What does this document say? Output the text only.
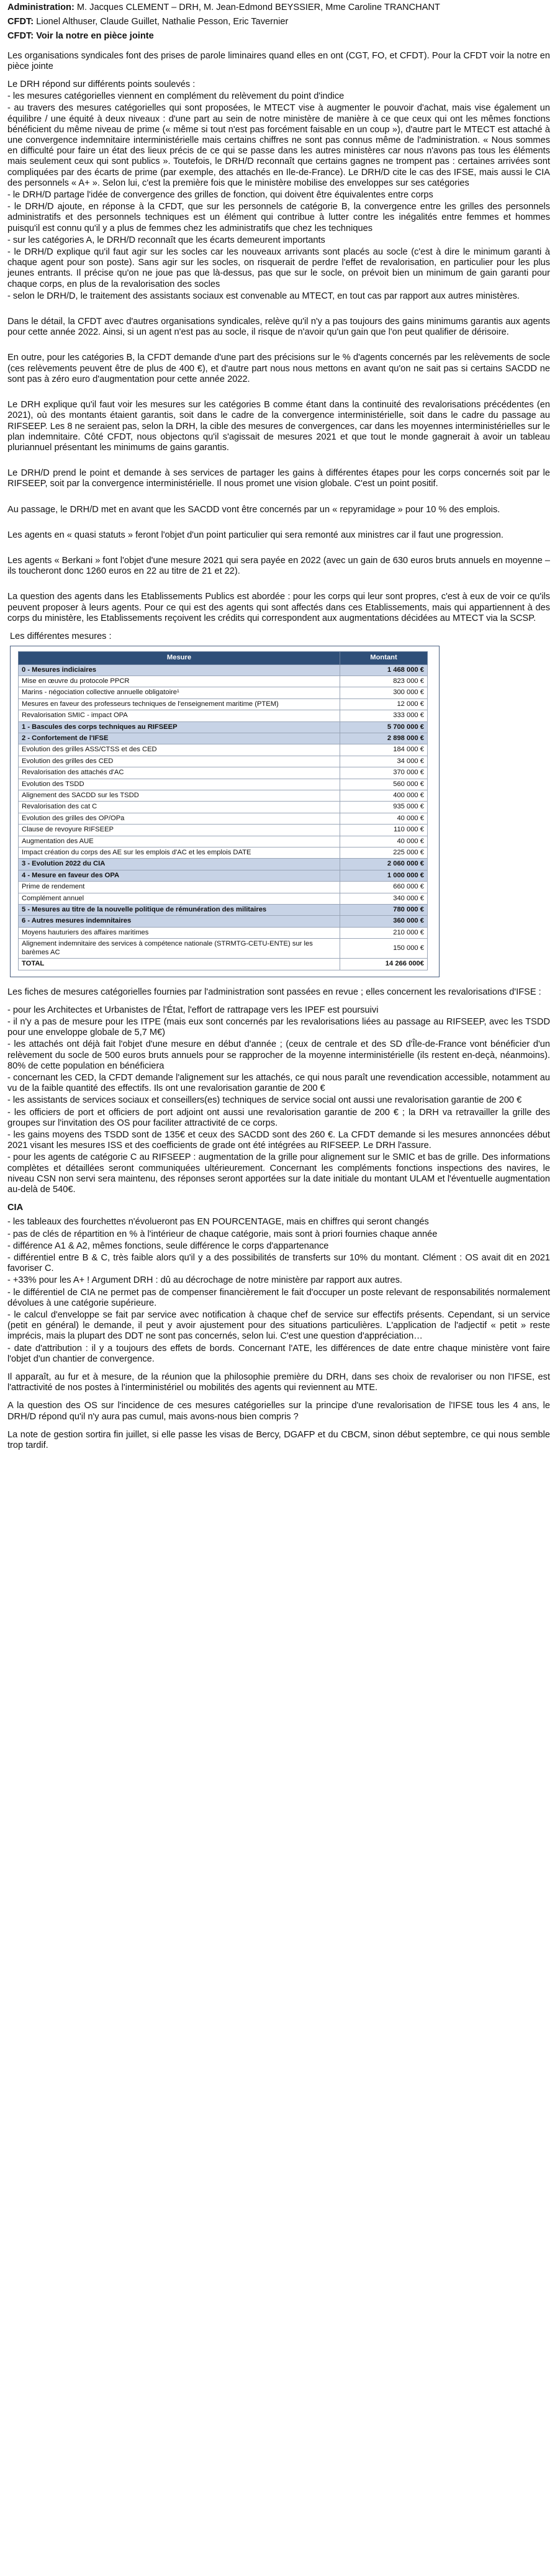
Administration: M. Jacques CLEMENT – DRH, M. Jean-Edmond BEYSSIER, Mme Caroline TRANCHANT

CFDT: Lionel Althuser, Claude Guillet, Nathalie Pesson, Eric Tavernier

CFDT: Voir la notre en pièce jointe

Les organisations syndicales font des prises de parole liminaires quand elles en ont (CGT, FO, et CFDT). Pour la CFDT voir la notre en pièce jointe

Le DRH répond sur différents points soulevés :

- les mesures catégorielles viennent en complément du relèvement du point d'indice

- au travers des mesures catégorielles qui sont proposées, le MTECT vise à augmenter le pouvoir d'achat, mais vise également un équilibre / une équité à deux niveaux : d'une part au sein de notre ministère de manière à ce que ceux qui ont les mêmes fonctions bénéficient du même niveau de prime (« même si tout n'est pas forcément faisable en un coup »), d'autre part le MTECT est attaché à une convergence indemnitaire interministérielle mais certains chiffres ne sont pas connus même de l'administration. « Nous sommes en difficulté pour faire un état des lieux précis de ce qui se passe dans les autres ministères car nous n'avons pas tous les éléments mais seulement ceux qui sont publics ». Toutefois, le DRH/D reconnaît que certains gagnes ne trompent pas : certaines arrivées sont compliquées par des écarts de prime (par exemple, des attachés en Ile-de-France). Le DRH/D cite le cas des IFSE, mais aussi le CIA des personnels « A+ ». Selon lui, c'est la première fois que le ministère mobilise des enveloppes sur ses catégories

- le DRH/D partage l'idée de convergence des grilles de fonction, qui doivent être équivalentes entre corps

- le DRH/D ajoute, en réponse à la CFDT, que sur les personnels de catégorie B, la convergence entre les grilles des personnels administratifs et des personnels techniques est un élément qui contribue à lutter contre les inégalités entre femmes et hommes puisqu'il est connu qu'il y a plus de femmes chez les administratifs que chez les techniques

- sur les catégories A, le DRH/D reconnaît que les écarts demeurent importants

- le DRH/D explique qu'il faut agir sur les socles car les nouveaux arrivants sont placés au socle (c'est à dire le minimum garanti à chaque agent pour son poste). Sans agir sur les socles, on risquerait de perdre l'effet de revalorisation, en particulier pour les plus jeunes entrants. Il précise qu'on ne joue pas que là-dessus, pas que sur le socle, on prévoit bien un minimum de gain garanti pour chaque corps, en plus de la revalorisation des socles

- selon le DRH/D, le traitement des assistants sociaux est convenable au MTECT, en tout cas par rapport aux autres ministères.

Dans le détail, la CFDT avec d'autres organisations syndicales, relève qu'il n'y a pas toujours des gains minimums garantis aux agents pour cette année 2022. Ainsi, si un agent n'est pas au socle, il risque de n'avoir qu'un gain que l'on peut qualifier de dérisoire.

En outre, pour les catégories B, la CFDT demande d'une part des précisions sur le % d'agents concernés par les relèvements de socle (ces relèvements peuvent être de plus de 400 €), et d'autre part nous nous mettons en avant qu'on ne sait pas si certains SACDD ne sont pas à zéro euro d'augmentation pour cette année 2022.

Le DRH explique qu'il faut voir les mesures sur les catégories B comme étant dans la continuité des revalorisations précédentes (en 2021), où des montants étaient garantis, soit dans le cadre de la convergence interministérielle, soit dans le cadre du passage au RIFSEEP. Les 8 ne seraient pas, selon la DRH, la cible des mesures de convergences, car dans les moyennes interministérielles sur le plan indemnitaire. Côté CFDT, nous objectons qu'il s'agissait de mesures 2021 et que tout le monde gagnerait à avoir un tableau pluriannuel présentant les minimums de gains garantis.

Le DRH/D prend le point et demande à ses services de partager les gains à différentes étapes pour les corps concernés soit par le RIFSEEP, soit par la convergence interministérielle. Il nous promet une vision globale. C'est un point positif.

Au passage, le DRH/D met en avant que les SACDD vont être concernés par un « repyramidage » pour 10 % des emplois.

Les agents en « quasi statuts » feront l'objet d'un point particulier qui sera remonté aux ministres car il faut une progression.

Les agents « Berkani » font l'objet d'une mesure 2021 qui sera payée en 2022 (avec un gain de 630 euros bruts annuels en moyenne – ils toucheront donc 1260 euros en 22 au titre de 21 et 22).

La question des agents dans les Etablissements Publics est abordée : pour les corps qui leur sont propres, c'est à eux de voir ce qu'ils peuvent proposer à leurs agents. Pour ce qui est des agents qui sont affectés dans ces Etablissements, mais qui appartiennent à des corps du ministère, les Etablissements reçoivent les crédits qui correspondent aux augmentations décidées au MTECT via la SCSP.

Les différentes mesures :

Mesure	Montant
0 - Mesures indiciaires	1 468 000 €
Mise en œuvre du protocole PPCR	823 000 €
Marins - négociation collective annuelle obligatoire¹	300 000 €
Mesures en faveur des professeurs techniques de l'enseignement maritime (PTEM)	12 000 €
Revalorisation SMIC - impact OPA	333 000 €
1 - Bascules des corps techniques au RIFSEEP	5 700 000 €
2 - Confortement de l'IFSE	2 898 000 €
Evolution des grilles ASS/CTSS et des CED	184 000 €
Evolution des grilles des CED	34 000 €
Revalorisation des attachés d'AC	370 000 €
Evolution des TSDD	560 000 €
Alignement des SACDD sur les TSDD	400 000 €
Revalorisation des cat C	935 000 €
Evolution des grilles des OP/OPa	40 000 €
Clause de revoyure RIFSEEP	110 000 €
Augmentation des AUE	40 000 €
Impact création du corps des AE sur les emplois d'AC et les emplois DATE	225 000 €
3 - Evolution 2022 du CIA	2 060 000 €
4 - Mesure en faveur des OPA	1 000 000 €
Prime de rendement	660 000 €
Complément annuel	340 000 €
5 - Mesures au titre de la nouvelle politique de rémunération des militaires	780 000 €
6 - Autres mesures indemnitaires	360 000 €
Moyens hauturiers des affaires maritimes	210 000 €
Alignement indemnitaire des services à compétence nationale (STRMTG-CETU-ENTE) sur les barèmes AC	150 000 €
TOTAL	14 266 000€

Les fiches de mesures catégorielles fournies par l'administration sont passées en revue ; elles concernent les revalorisations d'IFSE :

- pour les Architectes et Urbanistes de l'État, l'effort de rattrapage vers les IPEF est poursuivi

- il n'y a pas de mesure pour les ITPE (mais eux sont concernés par les revalorisations liées au passage au RIFSEEP, avec les TSDD pour une enveloppe globale de 5,7 M€)

- les attachés ont déjà fait l'objet d'une mesure en début d'année ; (ceux de centrale et des SD d'Île-de-France vont bénéficier d'un relèvement du socle de 500 euros bruts annuels pour se rapprocher de la moyenne interministérielle (ils restent en-deçà, néanmoins). 80% de cette population en bénéficiera

- concernant les CED, la CFDT demande l'alignement sur les attachés, ce qui nous paraît une revendication accessible, notamment au vu de la faible quantité des effectifs. Ils ont une revalorisation garantie de 200 €

- les assistants de services sociaux et conseillers(es) techniques de service social ont aussi une revalorisation garantie de 200 €

- les officiers de port et officiers de port adjoint ont aussi une revalorisation garantie de 200 € ; la DRH va retravailler la grille des groupes sur l'invitation des OS pour faciliter attractivité de ce corps.

- les gains moyens des TSDD sont de 135€ et ceux des SACDD sont des 260 €. La CFDT demande si les mesures annoncées début 2021 visant les mesures ISS et des coefficients de grade ont été intégrées au RIFSEEP. Le DRH l'assure.

- pour les agents de catégorie C au RIFSEEP : augmentation de la grille pour alignement sur le SMIC et bas de grille. Des informations complètes et détaillées seront communiquées ultérieurement. Concernant les compléments fonctions inspections des navires, le niveau CSN non servi sera maintenu, des réponses seront apportées sur la date initiale du montant ULAM et l'éventuelle augmentation au-delà de 540€.

CIA

- les tableaux des fourchettes n'évolueront pas EN POURCENTAGE, mais en chiffres qui seront changés

- pas de clés de répartition en % à l'intérieur de chaque catégorie, mais sont à priori fournies chaque année

- différence A1 & A2, mêmes fonctions, seule différence le corps d'appartenance

- différentiel entre B & C, très faible alors qu'il y a des possibilités de transferts sur 10% du montant. Clément : OS avait dit en 2021 favoriser C.

- +33% pour les A+ ! Argument DRH : dû au décrochage de notre ministère par rapport aux autres.

- le différentiel de CIA ne permet pas de compenser financièrement le fait d'occuper un poste relevant de responsabilités normalement dévolues à une catégorie supérieure.

- le calcul d'enveloppe se fait par service avec notification à chaque chef de service sur effectifs présents. Cependant, si un service (petit en général) le demande, il peut y avoir ajustement pour des situations particulières. L'application de l'adjectif « petit » reste imprécis, mais la plupart des DDT ne sont pas concernés, selon lui. C'est une question d'appréciation…

- date d'attribution : il y a toujours des effets de bords. Concernant l'ATE, les différences de date entre chaque ministère vont faire l'objet d'un chantier de convergence.

Il apparaît, au fur et à mesure, de la réunion que la philosophie première du DRH, dans ses choix de revaloriser ou non l'IFSE, est l'attractivité de nos postes à l'interministériel ou mobilités des agents qui reviennent au MTE.

A la question des OS sur l'incidence de ces mesures catégorielles sur la principe d'une revalorisation de l'IFSE tous les 4 ans, le DRH/D répond qu'il n'y aura pas cumul, mais avons-nous bien compris ?

La note de gestion sortira fin juillet, si elle passe les visas de Bercy, DGAFP et du CBCM, sinon début septembre, ce qui nous semble trop tardif.
